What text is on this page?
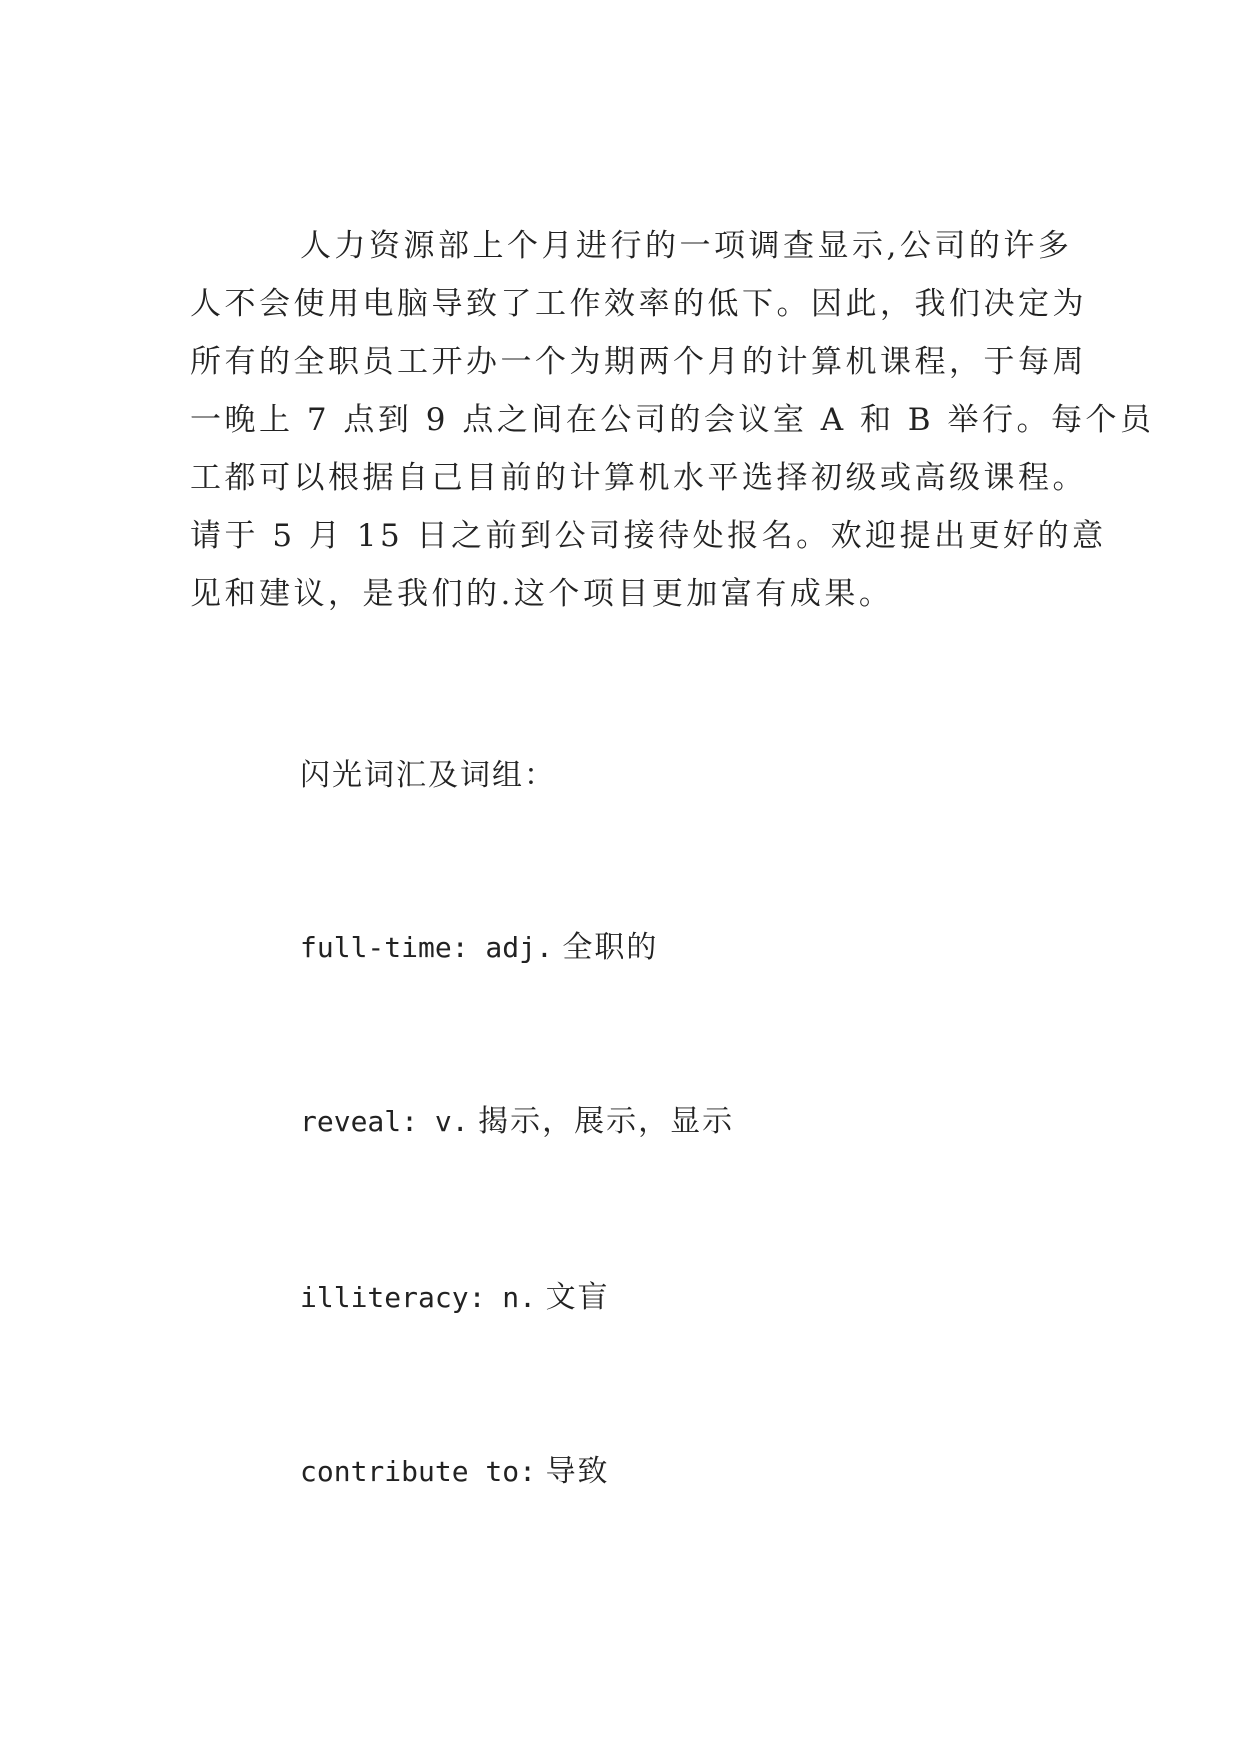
人力资源部上个月进行的一项调查显示,公司的许多
人不会使用电脑导致了工作效率的低下。因此，我们决定为
所有的全职员工开办一个为期两个月的计算机课程，于每周
一晚上 7 点到 9 点之间在公司的会议室 A 和 B 举行。每个员
工都可以根据自己目前的计算机水平选择初级或高级课程。
请于 5 月 15 日之前到公司接待处报名。欢迎提出更好的意
见和建议，是我们的.这个项目更加富有成果。
闪光词汇及词组：
full-time: adj. 全职的
reveal: v. 揭示，展示，显示
illiteracy: n. 文盲
contribute to: 导致
